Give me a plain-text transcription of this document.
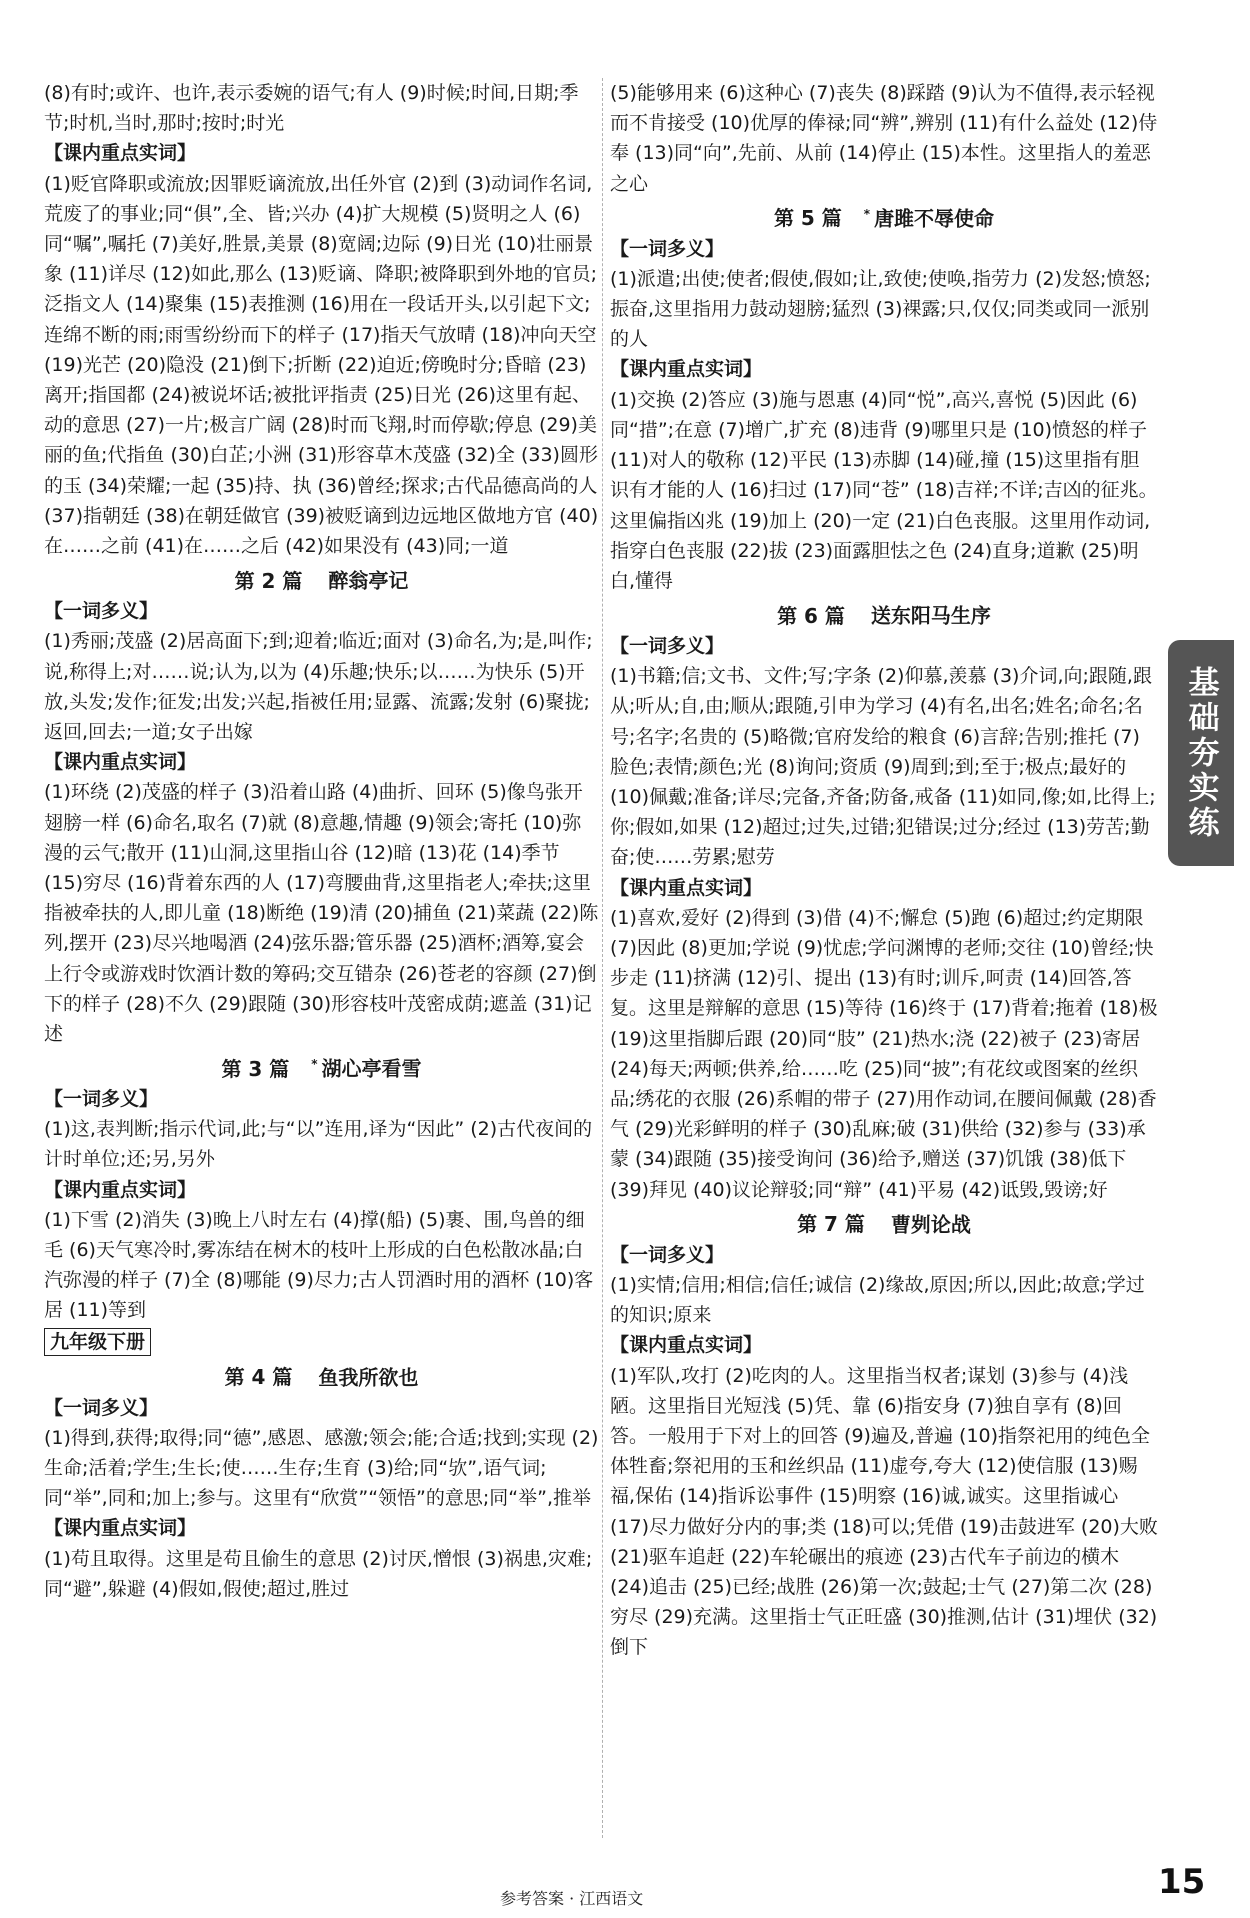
(8)有时;或许、也许,表示委婉的语气;有人 (9)时候;时间,日期;季节;时机,当时,那时;按时;时光

【课内重点实词】

(1)贬官降职或流放;因罪贬谪流放,出任外官 (2)到 (3)动词作名词,荒废了的事业;同“俱”,全、皆;兴办 (4)扩大规模 (5)贤明之人 (6)同“嘱”,嘱托 (7)美好,胜景,美景 (8)宽阔;边际 (9)日光 (10)壮丽景象 (11)详尽 (12)如此,那么 (13)贬谪、降职;被降职到外地的官员;泛指文人 (14)聚集 (15)表推测 (16)用在一段话开头,以引起下文;连绵不断的雨;雨雪纷纷而下的样子 (17)指天气放晴 (18)冲向天空 (19)光芒 (20)隐没 (21)倒下;折断 (22)迫近;傍晚时分;昏暗 (23)离开;指国都 (24)被说坏话;被批评指责 (25)日光 (26)这里有起、动的意思 (27)一片;极言广阔 (28)时而飞翔,时而停歇;停息 (29)美丽的鱼;代指鱼 (30)白芷;小洲 (31)形容草木茂盛 (32)全 (33)圆形的玉 (34)荣耀;一起 (35)持、执 (36)曾经;探求;古代品德高尚的人 (37)指朝廷 (38)在朝廷做官 (39)被贬谪到边远地区做地方官 (40)在……之前 (41)在……之后 (42)如果没有 (43)同;一道

第 2 篇 醉翁亭记

【一词多义】

(1)秀丽;茂盛 (2)居高面下;到;迎着;临近;面对 (3)命名,为;是,叫作;说,称得上;对……说;认为,以为 (4)乐趣;快乐;以……为快乐 (5)开放,头发;发作;征发;出发;兴起,指被任用;显露、流露;发射 (6)聚拢;返回,回去;一道;女子出嫁

【课内重点实词】

(1)环绕 (2)茂盛的样子 (3)沿着山路 (4)曲折、回环 (5)像鸟张开翅膀一样 (6)命名,取名 (7)就 (8)意趣,情趣 (9)领会;寄托 (10)弥漫的云气;散开 (11)山洞,这里指山谷 (12)暗 (13)花 (14)季节 (15)穷尽 (16)背着东西的人 (17)弯腰曲背,这里指老人;牵扶;这里指被牵扶的人,即儿童 (18)断绝 (19)清 (20)捕鱼 (21)菜蔬 (22)陈列,摆开 (23)尽兴地喝酒 (24)弦乐器;管乐器 (25)酒杯;酒筹,宴会上行令或游戏时饮酒计数的筹码;交互错杂 (26)苍老的容颜 (27)倒下的样子 (28)不久 (29)跟随 (30)形容枝叶茂密成荫;遮盖 (31)记述

第 3 篇 * 湖心亭看雪

【一词多义】

(1)这,表判断;指示代词,此;与“以”连用,译为“因此” (2)古代夜间的计时单位;还;另,另外

【课内重点实词】

(1)下雪 (2)消失 (3)晚上八时左右 (4)撑(船) (5)裹、围,鸟兽的细毛 (6)天气寒冷时,雾冻结在树木的枝叶上形成的白色松散冰晶;白汽弥漫的样子 (7)全 (8)哪能 (9)尽力;古人罚酒时用的酒杯 (10)客居 (11)等到

九年级下册

第 4 篇 鱼我所欲也

【一词多义】

(1)得到,获得;取得;同“德”,感恩、感激;领会;能;合适;找到;实现 (2)生命;活着;学生;生长;使……生存;生育 (3)给;同“欤”,语气词;同“举”,同和;加上;参与。这里有“欣赏”“领悟”的意思;同“举”,推举

【课内重点实词】

(1)苟且取得。这里是苟且偷生的意思 (2)讨厌,憎恨 (3)祸患,灾难;同“避”,躲避 (4)假如,假使;超过,胜过

(5)能够用来 (6)这种心 (7)丧失 (8)踩踏 (9)认为不值得,表示轻视而不肯接受 (10)优厚的俸禄;同“辨”,辨别 (11)有什么益处 (12)侍奉 (13)同“向”,先前、从前 (14)停止 (15)本性。这里指人的羞恶之心

第 5 篇 * 唐雎不辱使命

【一词多义】

(1)派遣;出使;使者;假使,假如;让,致使;使唤,指劳力 (2)发怒;愤怒;振奋,这里指用力鼓动翅膀;猛烈 (3)裸露;只,仅仅;同类或同一派别的人

【课内重点实词】

(1)交换 (2)答应 (3)施与恩惠 (4)同“悦”,高兴,喜悦 (5)因此 (6)同“措”;在意 (7)增广,扩充 (8)违背 (9)哪里只是 (10)愤怒的样子 (11)对人的敬称 (12)平民 (13)赤脚 (14)碰,撞 (15)这里指有胆识有才能的人 (16)扫过 (17)同“苍” (18)吉祥;不详;吉凶的征兆。这里偏指凶兆 (19)加上 (20)一定 (21)白色丧服。这里用作动词,指穿白色丧服 (22)拔 (23)面露胆怯之色 (24)直身;道歉 (25)明白,懂得

第 6 篇 送东阳马生序

【一词多义】

(1)书籍;信;文书、文件;写;字条 (2)仰慕,羡慕 (3)介词,向;跟随,跟从;听从;自,由;顺从;跟随,引申为学习 (4)有名,出名;姓名;命名;名号;名字;名贵的 (5)略微;官府发给的粮食 (6)言辞;告别;推托 (7)脸色;表情;颜色;光 (8)询问;资质 (9)周到;到;至于;极点;最好的 (10)佩戴;准备;详尽;完备,齐备;防备,戒备 (11)如同,像;如,比得上;你;假如,如果 (12)超过;过失,过错;犯错误;过分;经过 (13)劳苦;勤奋;使……劳累;慰劳

【课内重点实词】

(1)喜欢,爱好 (2)得到 (3)借 (4)不;懈怠 (5)跑 (6)超过;约定期限 (7)因此 (8)更加;学说 (9)忧虑;学问渊博的老师;交往 (10)曾经;快步走 (11)挤满 (12)引、提出 (13)有时;训斥,呵责 (14)回答,答复。这里是辩解的意思 (15)等待 (16)终于 (17)背着;拖着 (18)极 (19)这里指脚后跟 (20)同“肢” (21)热水;浇 (22)被子 (23)寄居 (24)每天;两顿;供养,给……吃 (25)同“披”;有花纹或图案的丝织品;绣花的衣服 (26)系帽的带子 (27)用作动词,在腰间佩戴 (28)香气 (29)光彩鲜明的样子 (30)乱麻;破 (31)供给 (32)参与 (33)承蒙 (34)跟随 (35)接受询问 (36)给予,赠送 (37)饥饿 (38)低下 (39)拜见 (40)议论辩驳;同“辩” (41)平易 (42)诋毁,毁谤;好

第 7 篇 曹刿论战

【一词多义】

(1)实情;信用;相信;信任;诚信 (2)缘故,原因;所以,因此;故意;学过的知识;原来

【课内重点实词】

(1)军队,攻打 (2)吃肉的人。这里指当权者;谋划 (3)参与 (4)浅陋。这里指目光短浅 (5)凭、靠 (6)指安身 (7)独自享有 (8)回答。一般用于下对上的回答 (9)遍及,普遍 (10)指祭祀用的纯色全体牲畜;祭祀用的玉和丝织品 (11)虚夸,夸大 (12)使信服 (13)赐福,保佑 (14)指诉讼事件 (15)明察 (16)诚,诚实。这里指诚心 (17)尽力做好分内的事;类 (18)可以;凭借 (19)击鼓进军 (20)大败 (21)驱车追赶 (22)车轮碾出的痕迹 (23)古代车子前边的横木 (24)追击 (25)已经;战胜 (26)第一次;鼓起;士气 (27)第二次 (28)穷尽 (29)充满。这里指士气正旺盛 (30)推测,估计 (31)埋伏 (32)倒下

基础夯实练
参考答案 · 江西语文	15
